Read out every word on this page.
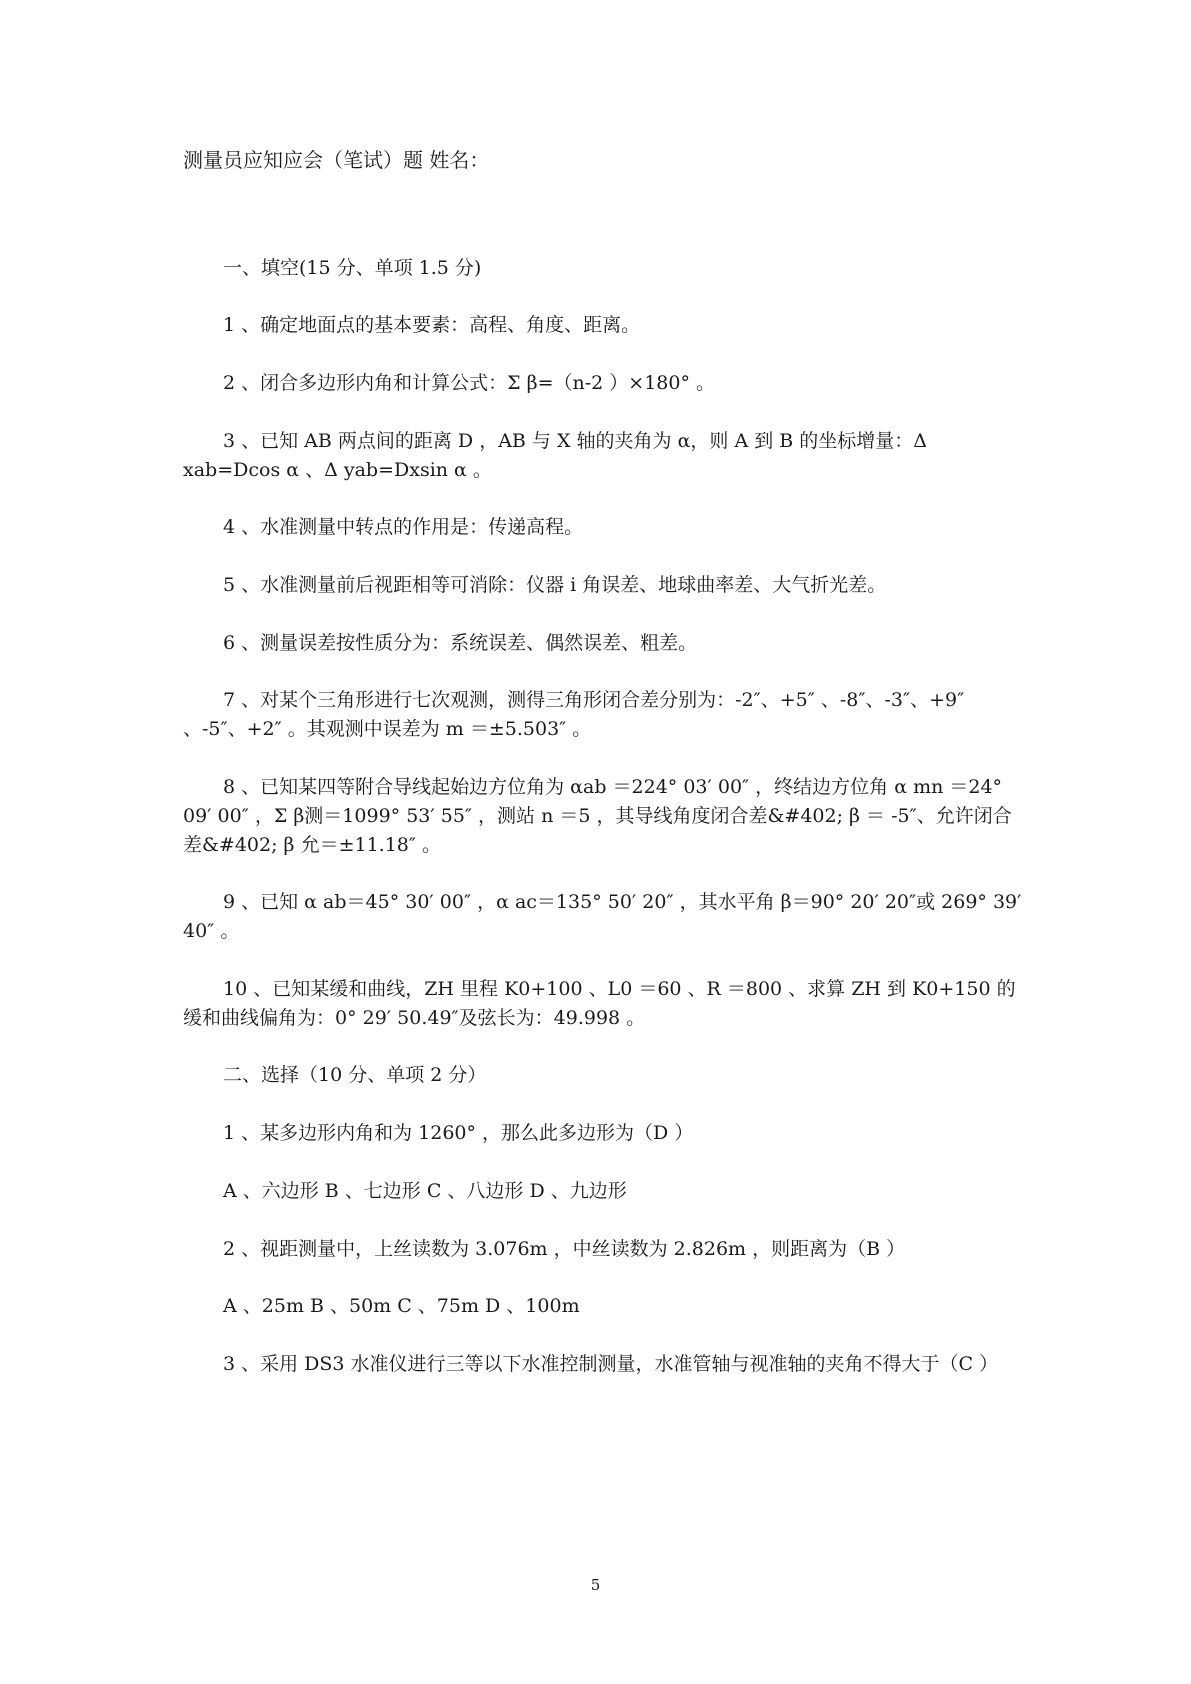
测量员应知应会（笔试）题 姓名：

一、填空(15 分、单项 1.5 分)

1 、确定地面点的基本要素：高程、角度、距离。

2 、闭合多边形内角和计算公式：Σ β=（n-2 ）×180° 。

3 、已知 AB 两点间的距离 D ，AB 与 X 轴的夹角为 α，则 A 到 B 的坐标增量：Δ xab=Dcos α 、Δ yab=Dxsin α 。

4 、水准测量中转点的作用是：传递高程。

5 、水准测量前后视距相等可消除：仪器 i 角误差、地球曲率差、大气折光差。

6 、测量误差按性质分为：系统误差、偶然误差、粗差。

7 、对某个三角形进行七次观测，测得三角形闭合差分别为：-2″、+5″ 、-8″、-3″、+9″ 、-5″、+2″ 。其观测中误差为 m ＝±5.503″ 。

8 、已知某四等附合导线起始边方位角为 αab ＝224° 03′ 00″ ，终结边方位角 α mn ＝24° 09′ 00″ ，Σ β测＝1099° 53′ 55″ ，测站 n ＝5 ，其导线角度闭合差&#402; β ＝ -5″、允许闭合差&#402; β 允＝±11.18″ 。

9 、已知 α ab＝45° 30′ 00″ ，α ac＝135° 50′ 20″ ，其水平角 β＝90° 20′ 20″或 269° 39′ 40″ 。

10 、已知某缓和曲线，ZH 里程 K0+100 、L0 ＝60 、R ＝800 、求算 ZH 到 K0+150 的缓和曲线偏角为：0° 29′ 50.49″及弦长为：49.998 。

二、选择（10 分、单项 2 分）

1 、某多边形内角和为 1260° ，那么此多边形为（D ）

A 、六边形 B 、七边形 C 、八边形 D 、九边形

2 、视距测量中，上丝读数为 3.076m ，中丝读数为 2.826m ，则距离为（B ）

A 、25m B 、50m C 、75m D 、100m

3 、采用 DS3 水准仪进行三等以下水准控制测量，水准管轴与视准轴的夹角不得大于（C ）

5
